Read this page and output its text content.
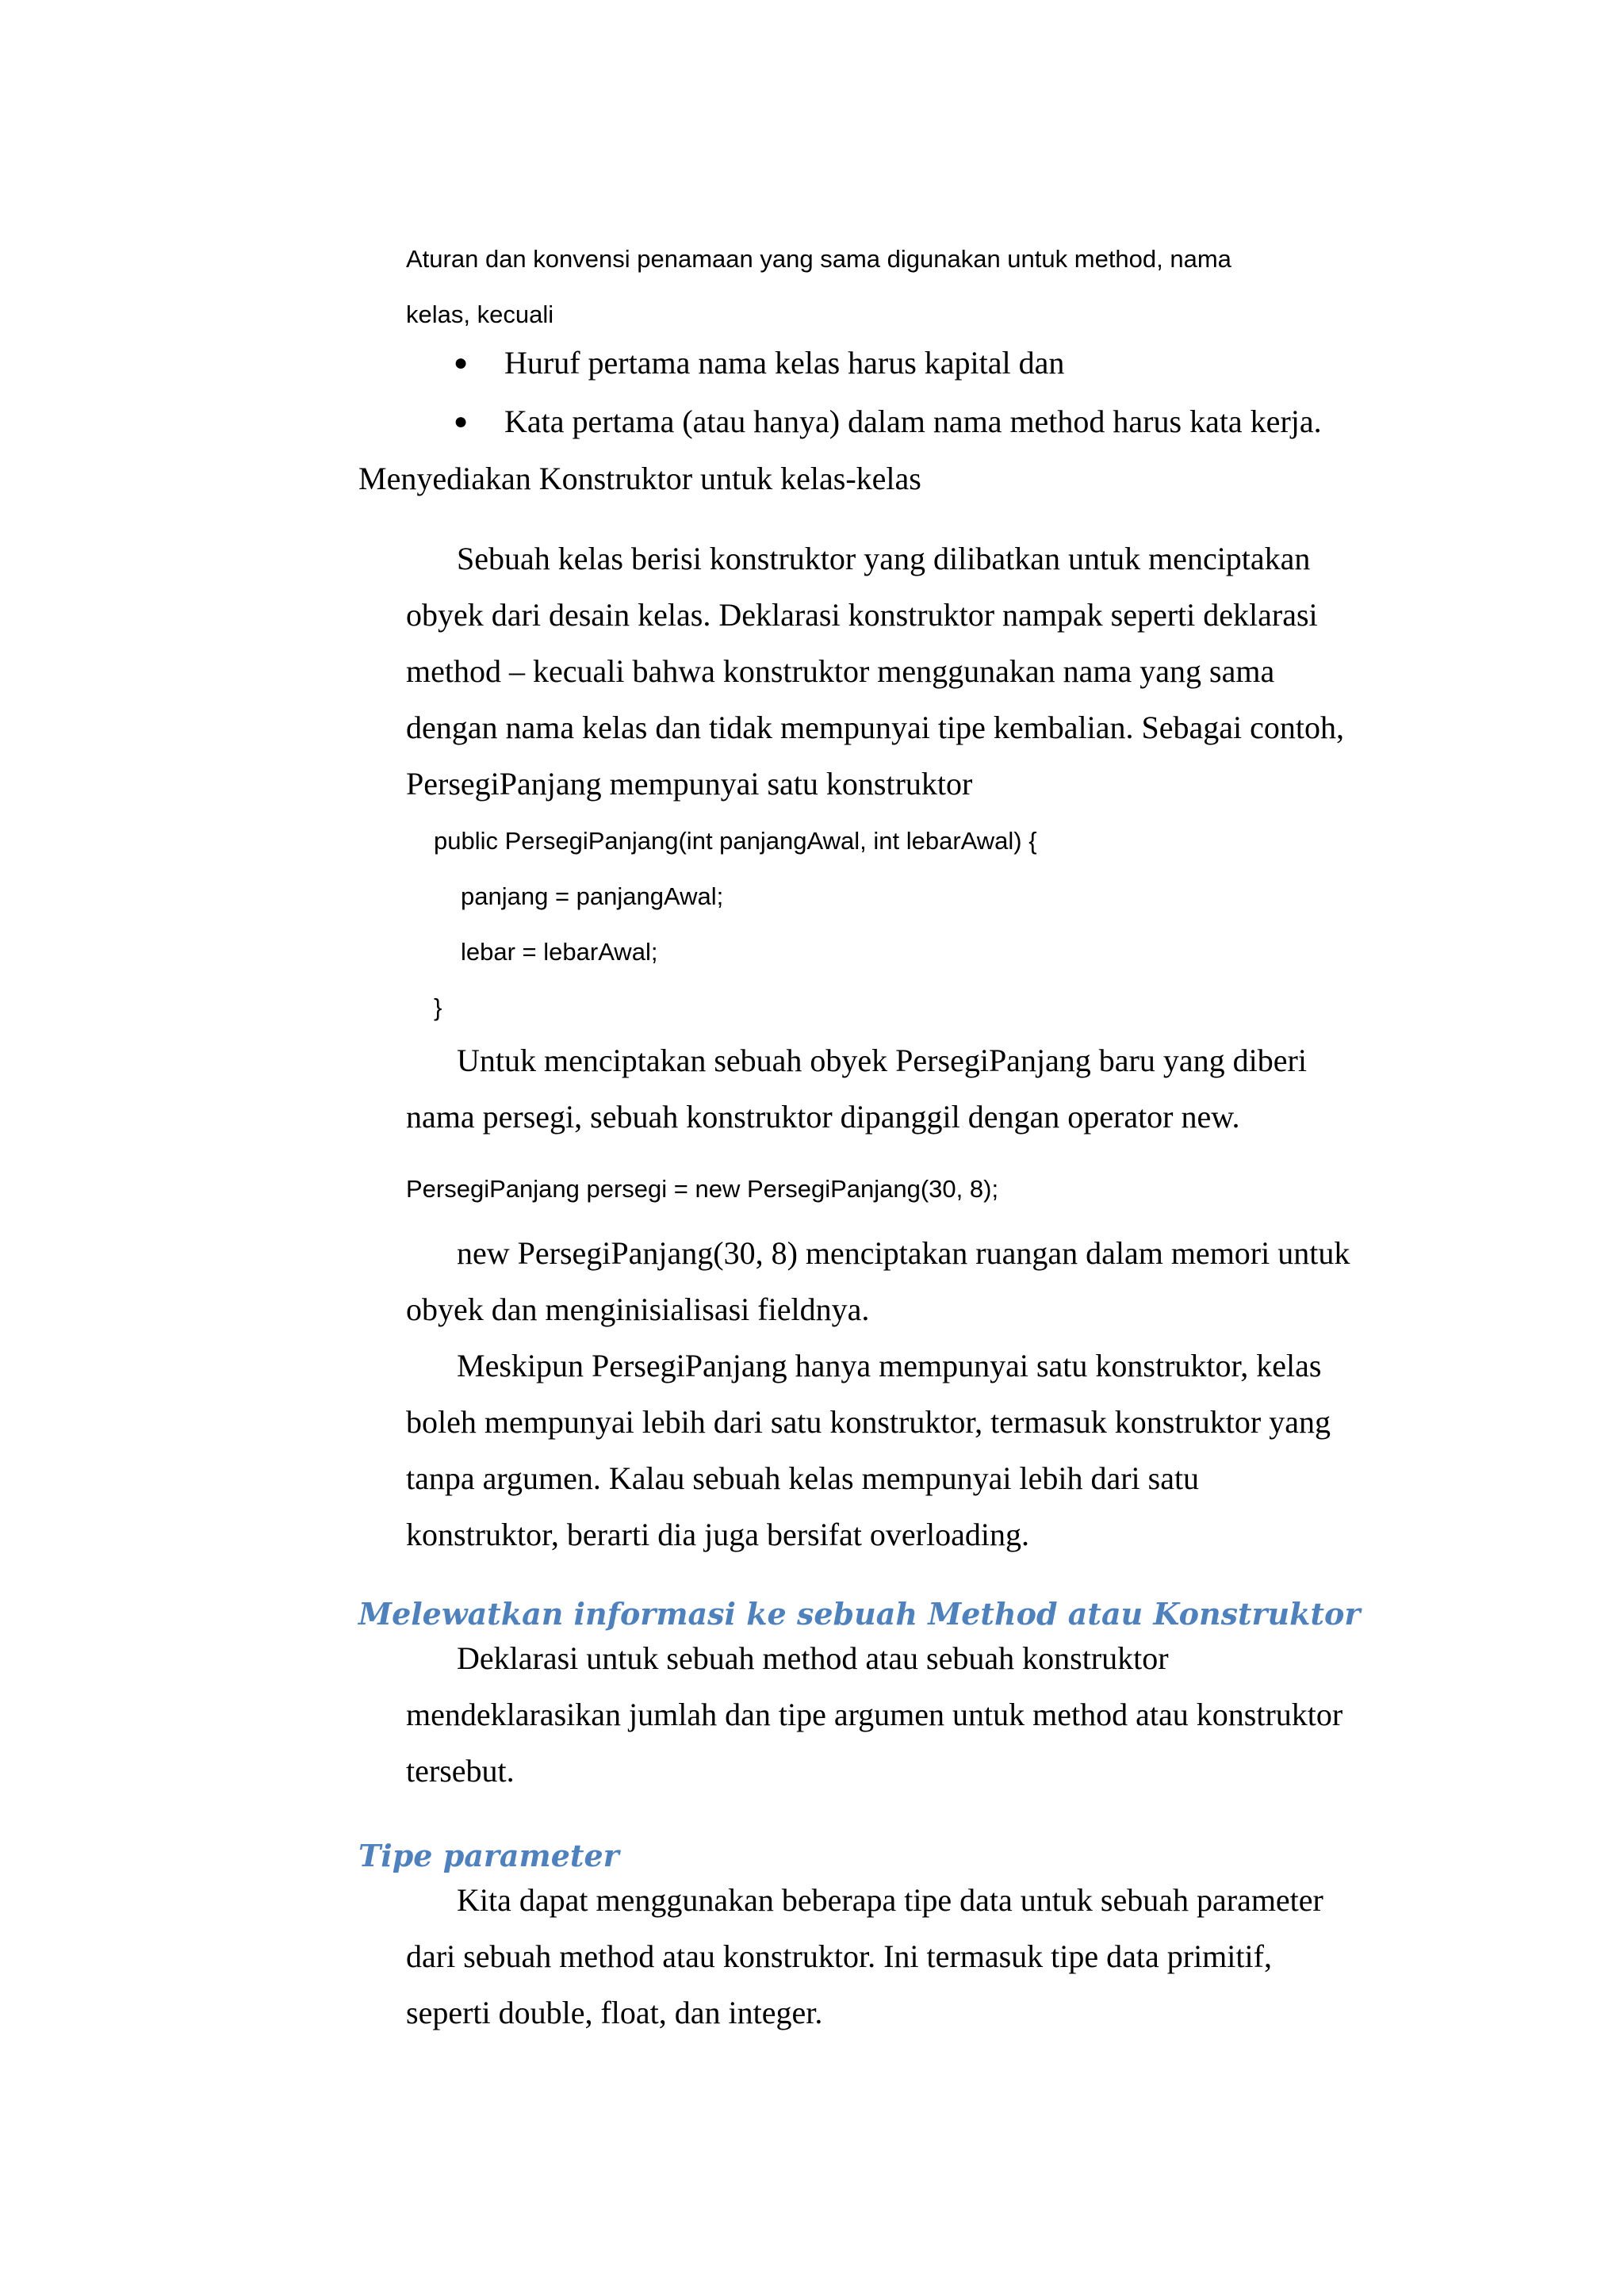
Aturan dan konvensi penamaan yang sama digunakan untuk method, nama
kelas, kecuali
● Huruf pertama nama kelas harus kapital dan
● Kata pertama (atau hanya) dalam nama method harus kata kerja.
Menyediakan Konstruktor untuk kelas-kelas
Sebuah kelas berisi konstruktor yang dilibatkan untuk menciptakan
obyek dari desain kelas. Deklarasi konstruktor nampak seperti deklarasi
method – kecuali bahwa konstruktor menggunakan nama yang sama
dengan nama kelas dan tidak mempunyai tipe kembalian. Sebagai contoh,
PersegiPanjang mempunyai satu konstruktor
public PersegiPanjang(int panjangAwal, int lebarAwal) {
panjang = panjangAwal;
lebar = lebarAwal;
}
Untuk menciptakan sebuah obyek PersegiPanjang baru yang diberi
nama persegi, sebuah konstruktor dipanggil dengan operator new.
PersegiPanjang persegi = new PersegiPanjang(30, 8);
new PersegiPanjang(30, 8) menciptakan ruangan dalam memori untuk
obyek dan menginisialisasi fieldnya.
Meskipun PersegiPanjang hanya mempunyai satu konstruktor, kelas
boleh mempunyai lebih dari satu konstruktor, termasuk konstruktor yang
tanpa argumen. Kalau sebuah kelas mempunyai lebih dari satu
konstruktor, berarti dia juga bersifat overloading.
Melewatkan informasi ke sebuah Method atau Konstruktor
Deklarasi untuk sebuah method atau sebuah konstruktor
mendeklarasikan jumlah dan tipe argumen untuk method atau konstruktor
tersebut.
Tipe parameter
Kita dapat menggunakan beberapa tipe data untuk sebuah parameter
dari sebuah method atau konstruktor. Ini termasuk tipe data primitif,
seperti double, float, dan integer.
